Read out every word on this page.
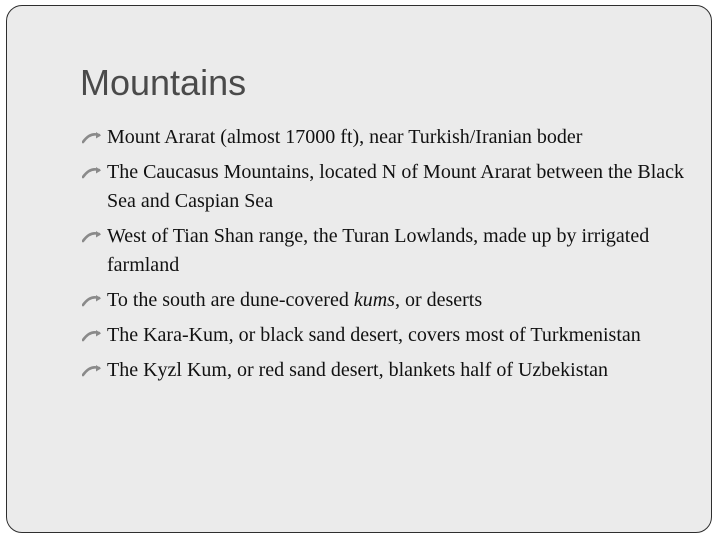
Mountains
Mount Ararat (almost 17000 ft), near Turkish/Iranian boder
The Caucasus Mountains, located N of Mount Ararat between the Black Sea and Caspian Sea
West of Tian Shan range, the Turan Lowlands, made up by irrigated farmland
To the south are dune-covered kums, or deserts
The Kara-Kum, or black sand desert, covers most of Turkmenistan
The Kyzl Kum, or red sand desert, blankets half of Uzbekistan
